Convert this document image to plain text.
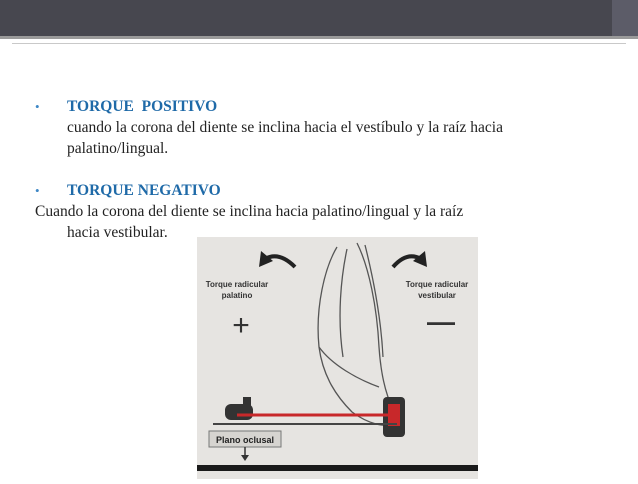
• TORQUE  POSITIVO
cuando la corona del diente se inclina hacia el vestíbulo y la raíz hacia
palatino/lingual.
• TORQUE NEGATIVO
Cuando la corona del diente se inclina hacia palatino/lingual y la raíz
hacia vestibular.
Torque radicular
palatino
+
Torque radicular
vestibular
—
Plano oclusal
